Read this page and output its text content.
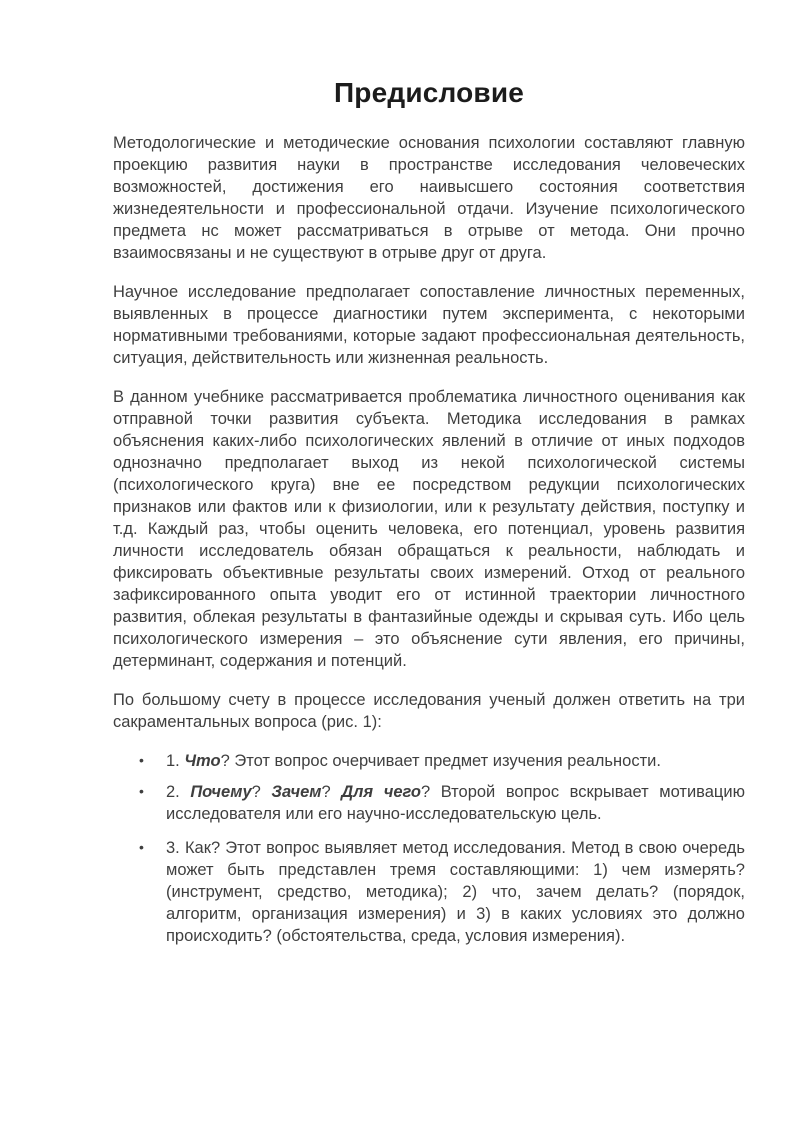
Предисловие

Методологические и методические основания психологии составляют главную проекцию развития науки в пространстве исследования человеческих возможностей, достижения его наивысшего состояния соответствия жизнедеятельности и профессиональной отдачи. Изучение психологического предмета нс может рассматриваться в отрыве от метода. Они прочно взаимосвязаны и не существуют в отрыве друг от друга.

Научное исследование предполагает сопоставление личностных переменных, выявленных в процессе диагностики путем эксперимента, с некоторыми нормативными требованиями, которые задают профессиональная деятельность, ситуация, действительность или жизненная реальность.

В данном учебнике рассматривается проблематика личностного оценивания как отправной точки развития субъекта. Методика исследования в рамках объяснения каких-либо психологических явлений в отличие от иных подходов однозначно предполагает выход из некой психологической системы (психологического круга) вне ее посредством редукции психологических признаков или фактов или к физиологии, или к результату действия, поступку и т.д. Каждый раз, чтобы оценить человека, его потенциал, уровень развития личности исследователь обязан обращаться к реальности, наблюдать и фиксировать объективные результаты своих измерений. Отход от реального зафиксированного опыта уводит его от истинной траектории личностного развития, облекая результаты в фантазийные одежды и скрывая суть. Ибо цель психологического измерения – это объяснение сути явления, его причины, детерминант, содержания и потенций.

По большому счету в процессе исследования ученый должен ответить на три сакраментальных вопроса (рис. 1):

• 1. Что? Этот вопрос очерчивает предмет изучения реальности.
• 2. Почему? Зачем? Для чего? Второй вопрос вскрывает мотивацию исследователя или его научно-исследовательскую цель.
• 3. Как? Этот вопрос выявляет метод исследования. Метод в свою очередь может быть представлен тремя составляющими: 1) чем измерять? (инструмент, средство, методика); 2) что, зачем делать? (порядок, алгоритм, организация измерения) и 3) в каких условиях это должно происходить? (обстоятельства, среда, условия измерения).
